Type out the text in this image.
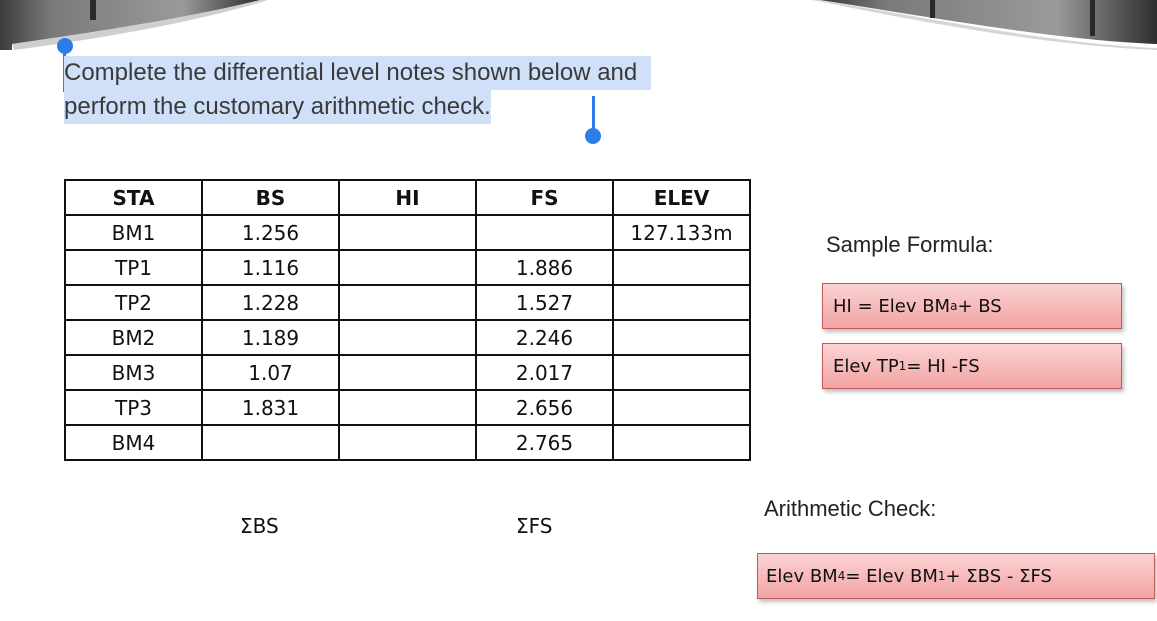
Complete the differential level notes shown below and
perform the customary arithmetic check.
STA	BS	HI	FS	ELEV
BM1	1.256			127.133m
TP1	1.116		1.886	
TP2	1.228		1.527	
BM2	1.189		2.246	
BM3	1.07		2.017	
TP3	1.831		2.656	
BM4			2.765	
ΣBS	ΣFS
Sample Formula:
HI = Elev BM a + BS
Elev TP 1 = HI -FS
Arithmetic Check:
Elev BM 4 = Elev BM 1 + ΣBS - ΣFS
